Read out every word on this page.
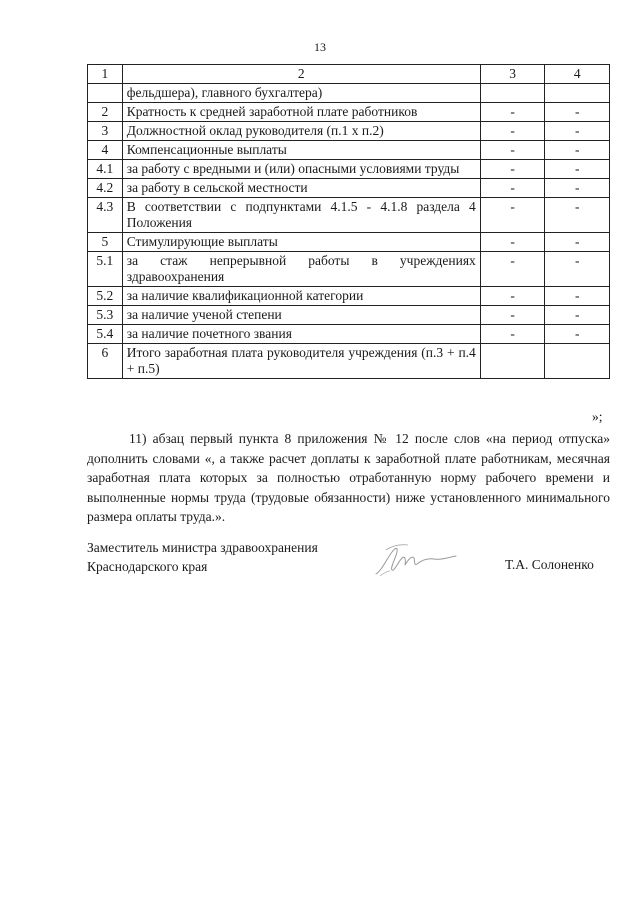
13
1	2	3	4
	фельдшера), главного бухгалтера)		
2	Кратность к средней заработной плате работников	-	-
3	Должностной оклад руководителя (п.1 х п.2)	-	-
4	Компенсационные выплаты	-	-
4.1	за работу с вредными и (или) опасными условиями труды	-	-
4.2	за работу в сельской местности	-	-
4.3	В соответствии с подпунктами 4.1.5 - 4.1.8 раздела 4 Положения	-	-
5	Стимулирующие выплаты	-	-
5.1	за стаж непрерывной работы в учреждениях здравоохранения	-	-
5.2	за наличие квалификационной категории	-	-
5.3	за наличие ученой степени	-	-
5.4	за наличие почетного звания	-	-
6	Итого заработная плата руководителя учреждения (п.3 + п.4 + п.5)		
»;
11) абзац первый пункта 8 приложения № 12 после слов «на период отпуска» дополнить словами «, а также расчет доплаты к заработной плате работникам, месячная заработная плата которых за полностью отработанную норму рабочего времени и выполненные нормы труда (трудовые обязанности) ниже установленного минимального размера оплаты труда.».
Заместитель министра здравоохранения
Краснодарского края	Т.А. Солоненко
